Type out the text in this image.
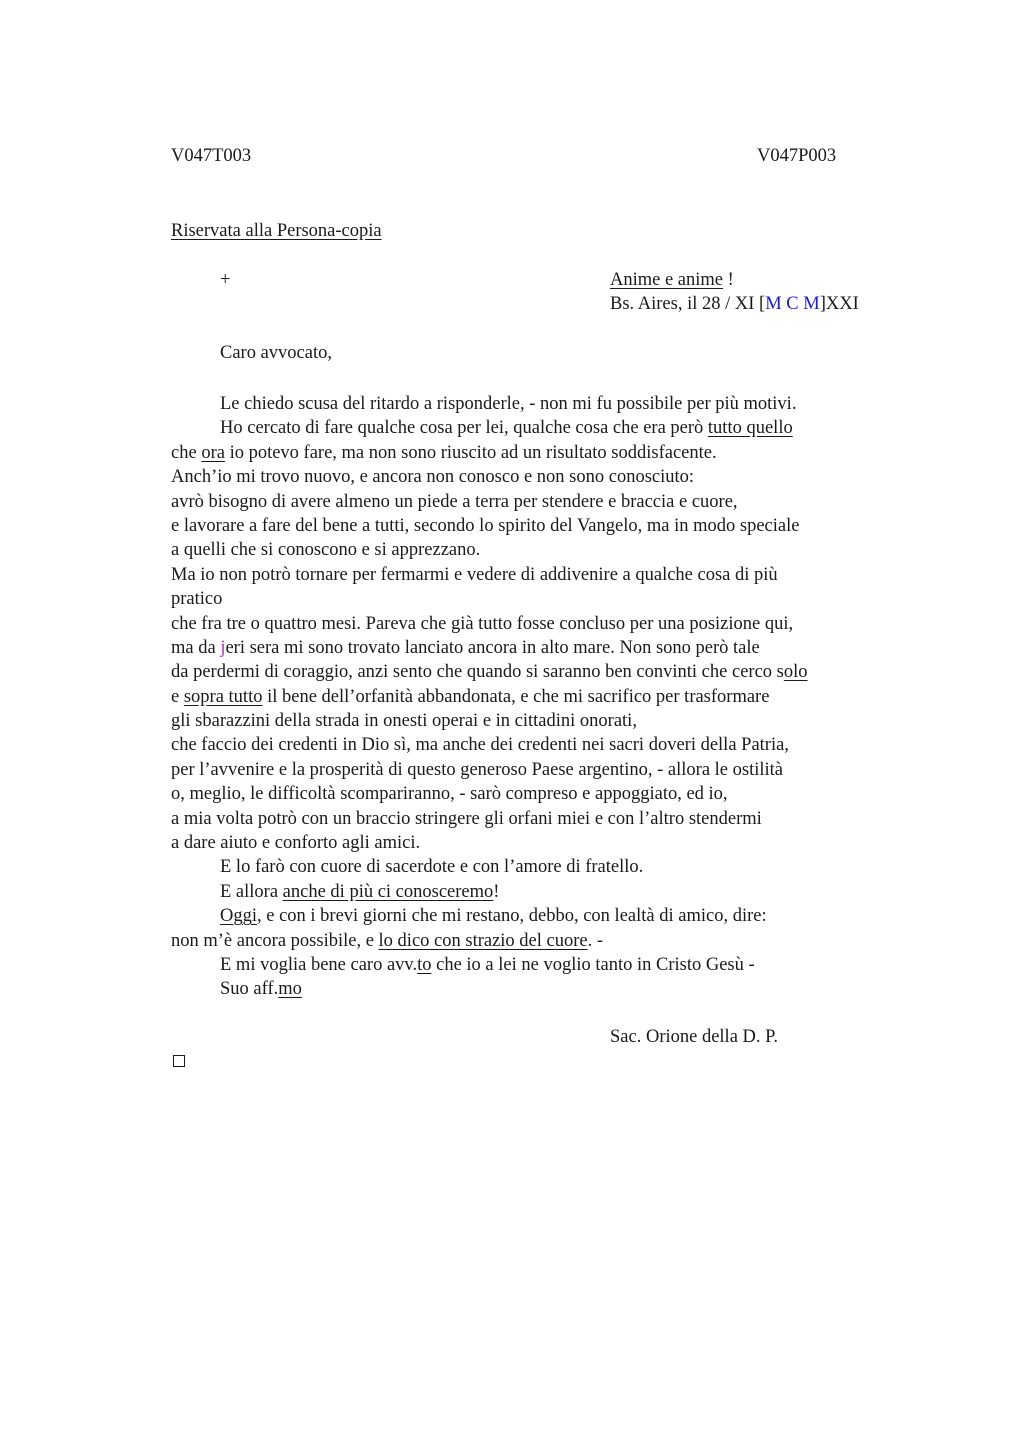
V047T003	V047P003
Riservata alla Persona-copia
+	Anime e anime !
Bs. Aires, il 28 / XI [M C M]XXI
Caro avvocato,
Le chiedo scusa del ritardo a risponderle, - non mi fu possibile per più motivi.
Ho cercato di fare qualche cosa per lei, qualche cosa che era però tutto quello
che ora io potevo fare, ma non sono riuscito ad un risultato soddisfacente.
Anch’io mi trovo nuovo, e ancora non conosco e non sono conosciuto:
avrò bisogno di avere almeno un piede a terra per stendere e braccia e cuore,
e lavorare a fare del bene a tutti, secondo lo spirito del Vangelo, ma in modo speciale
a quelli che si conoscono e si apprezzano.
Ma io non potrò tornare per fermarmi e vedere di addivenire a qualche cosa di più
pratico
che fra tre o quattro mesi. Pareva che già tutto fosse concluso per una posizione qui,
ma da jeri sera mi sono trovato lanciato ancora in alto mare. Non sono però tale
da perdermi di coraggio, anzi sento che quando si saranno ben convinti che cerco solo
e sopra tutto il bene dell’orfanità abbandonata, e che mi sacrifico per trasformare
gli sbarazzini della strada in onesti operai e in cittadini onorati,
che faccio dei credenti in Dio sì, ma anche dei credenti nei sacri doveri della Patria,
per l’avvenire e la prosperità di questo generoso Paese argentino, - allora le ostilità
o, meglio, le difficoltà scompariranno, - sarò compreso e appoggiato, ed io,
a mia volta potrò con un braccio stringere gli orfani miei e con l’altro stendermi
a dare aiuto e conforto agli amici.
E lo farò con cuore di sacerdote e con l’amore di fratello.
E allora anche di più ci conosceremo!
Oggi, e con i brevi giorni che mi restano, debbo, con lealtà di amico, dire:
non m’è ancora possibile, e lo dico con strazio del cuore. -
E mi voglia bene caro avv.to che io a lei ne voglio tanto in Cristo Gesù -
Suo aff.mo
Sac. Orione della D. P.
